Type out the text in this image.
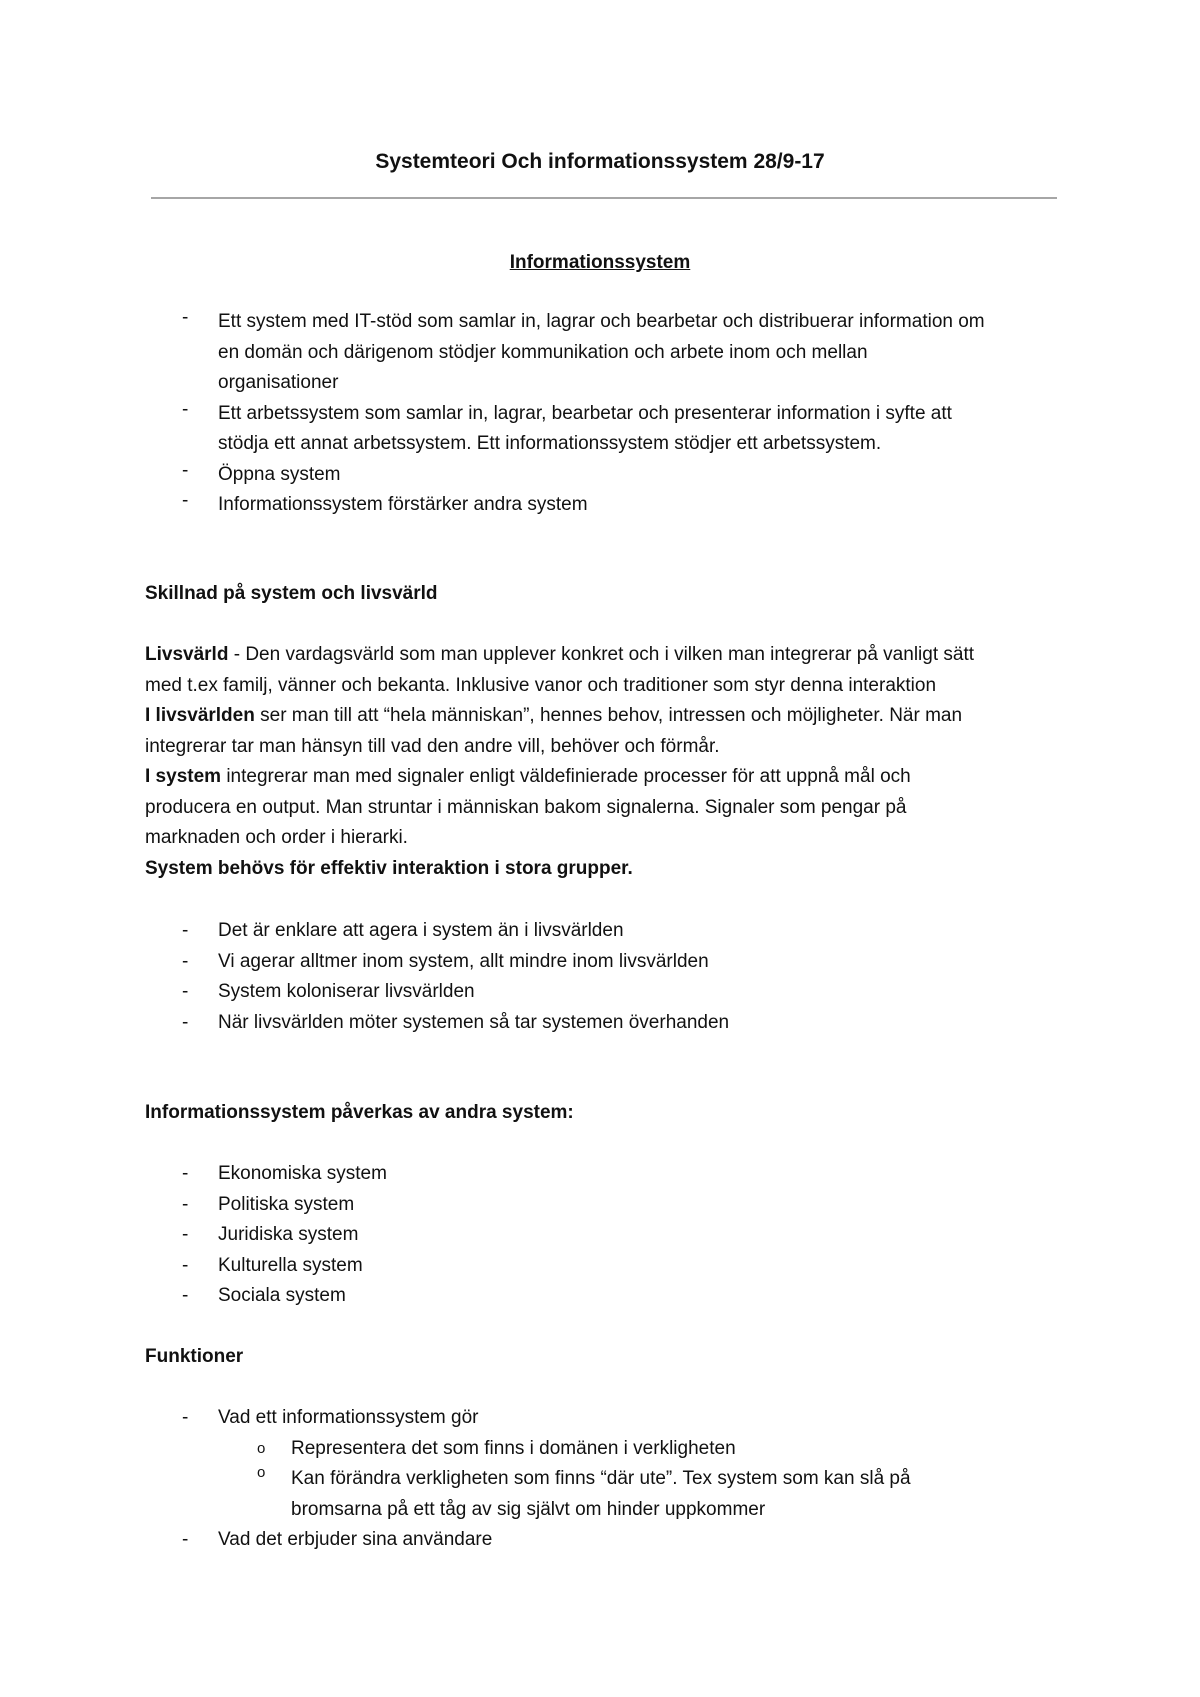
Systemteori Och informationssystem 28/9-17
Informationssystem
- Ett system med IT-stöd som samlar in, lagrar och bearbetar och distribuerar information om
en domän och därigenom stödjer kommunikation och arbete inom och mellan
organisationer
- Ett arbetssystem som samlar in, lagrar, bearbetar och presenterar information i syfte att
stödja ett annat arbetssystem. Ett informationssystem stödjer ett arbetssystem.
- Öppna system
- Informationssystem förstärker andra system
Skillnad på system och livsvärld
Livsvärld - Den vardagsvärld som man upplever konkret och i vilken man integrerar på vanligt sätt
med t.ex familj, vänner och bekanta. Inklusive vanor och traditioner som styr denna interaktion
I livsvärlden ser man till att “hela människan”, hennes behov, intressen och möjligheter. När man
integrerar tar man hänsyn till vad den andre vill, behöver och förmår.
I system integrerar man med signaler enligt väldefinierade processer för att uppnå mål och
producera en output. Man struntar i människan bakom signalerna. Signaler som pengar på
marknaden och order i hierarki.
System behövs för effektiv interaktion i stora grupper.
- Det är enklare att agera i system än i livsvärlden
- Vi agerar alltmer inom system, allt mindre inom livsvärlden
- System koloniserar livsvärlden
- När livsvärlden möter systemen så tar systemen överhanden
Informationssystem påverkas av andra system:
- Ekonomiska system
- Politiska system
- Juridiska system
- Kulturella system
- Sociala system
Funktioner
- Vad ett informationssystem gör
o Representera det som finns i domänen i verkligheten
o Kan förändra verkligheten som finns “där ute”. Tex system som kan slå på
bromsarna på ett tåg av sig självt om hinder uppkommer
- Vad det erbjuder sina användare
